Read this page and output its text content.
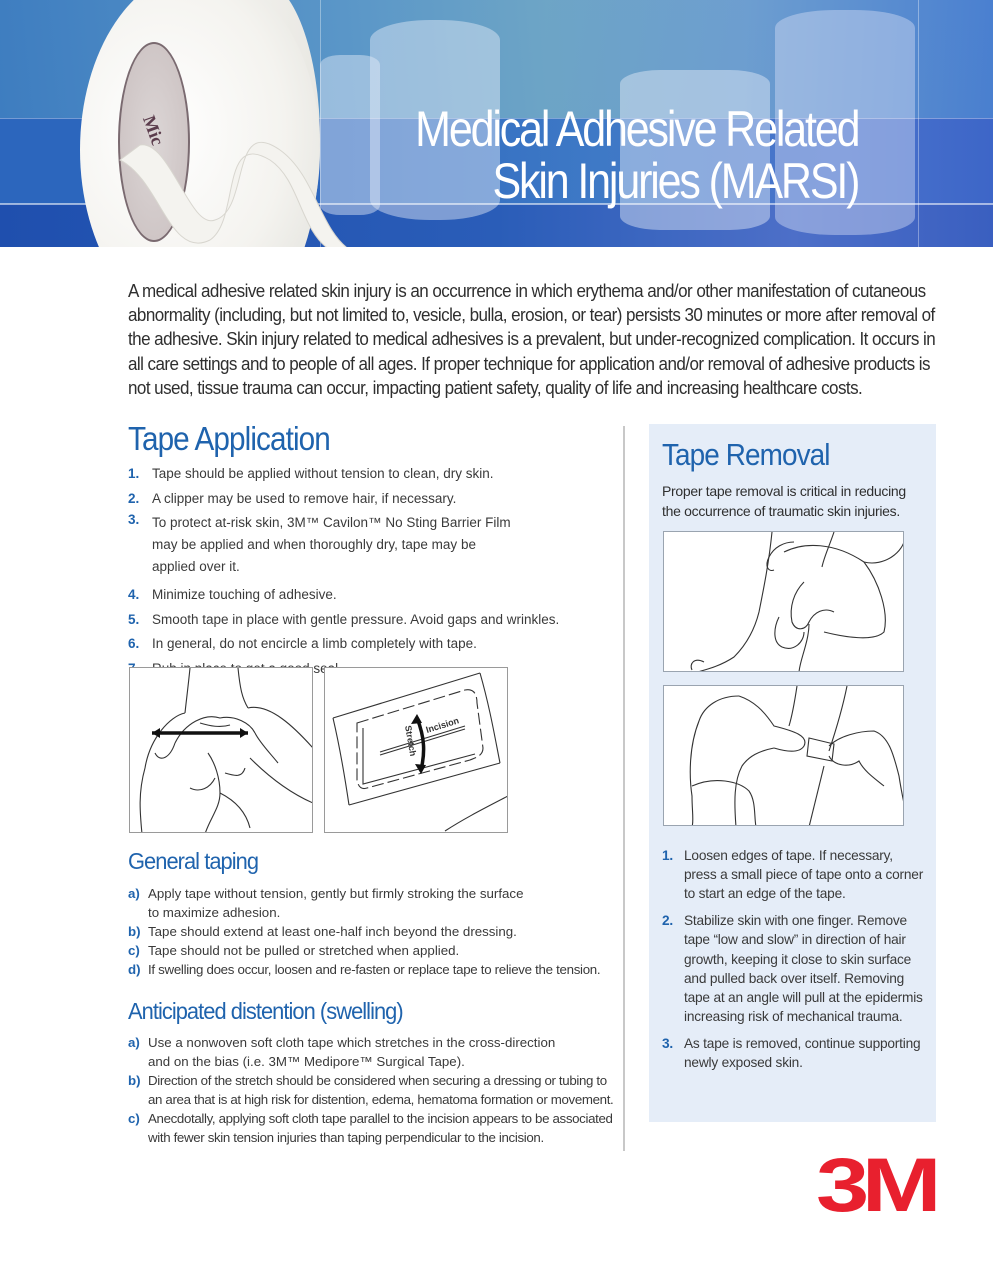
Mic	Medical Adhesive Related
Skin Injuries (MARSI)

A medical adhesive related skin injury is an occurrence in which erythema and/or other manifestation of cutaneous abnormality (including, but not limited to, vesicle, bulla, erosion, or tear) persists 30 minutes or more after removal of the adhesive. Skin injury related to medical adhesives is a prevalent, but under-recognized complication. It occurs in all care settings and to people of all ages. If proper technique for application and/or removal of adhesive products is not used, tissue trauma can occur, impacting patient safety, quality of life and increasing healthcare costs.

Tape Application
1. Tape should be applied without tension to clean, dry skin.
2. A clipper may be used to remove hair, if necessary.
3. To protect at-risk skin, 3M™ Cavilon™ No Sting Barrier Film may be applied and when thoroughly dry, tape may be applied over it.
4. Minimize touching of adhesive.
5. Smooth tape in place with gentle pressure. Avoid gaps and wrinkles.
6. In general, do not encircle a limb completely with tape.
Incision
Stretch
General taping
a) Apply tape without tension, gently but firmly stroking the surface to maximize adhesion.
b) Tape should extend at least one-half inch beyond the dressing.
c) Tape should not be pulled or stretched when applied.
d) If swelling does occur, loosen and re-fasten or replace tape to relieve the tension.
Anticipated distention (swelling)
a) Use a nonwoven soft cloth tape which stretches in the cross-direction and on the bias (i.e. 3M™ Medipore™ Surgical Tape).
b) Direction of the stretch should be considered when securing a dressing or tubing to an area that is at high risk for distention, edema, hematoma formation or movement.
c) Anecdotally, applying soft cloth tape parallel to the incision appears to be associated with fewer skin tension injuries than taping perpendicular to the incision.
Tape Removal

Proper tape removal is critical in reducing the occurrence of traumatic skin injuries.

1. Loosen edges of tape. If necessary, press a small piece of tape onto a corner to start an edge of the tape.
2. Stabilize skin with one finger. Remove tape “low and slow” in direction of hair growth, keeping it close to skin surface and pulled back over itself. Removing tape at an angle will pull at the epidermis increasing risk of mechanical trauma.
3. As tape is removed, continue supporting newly exposed skin.
3M
